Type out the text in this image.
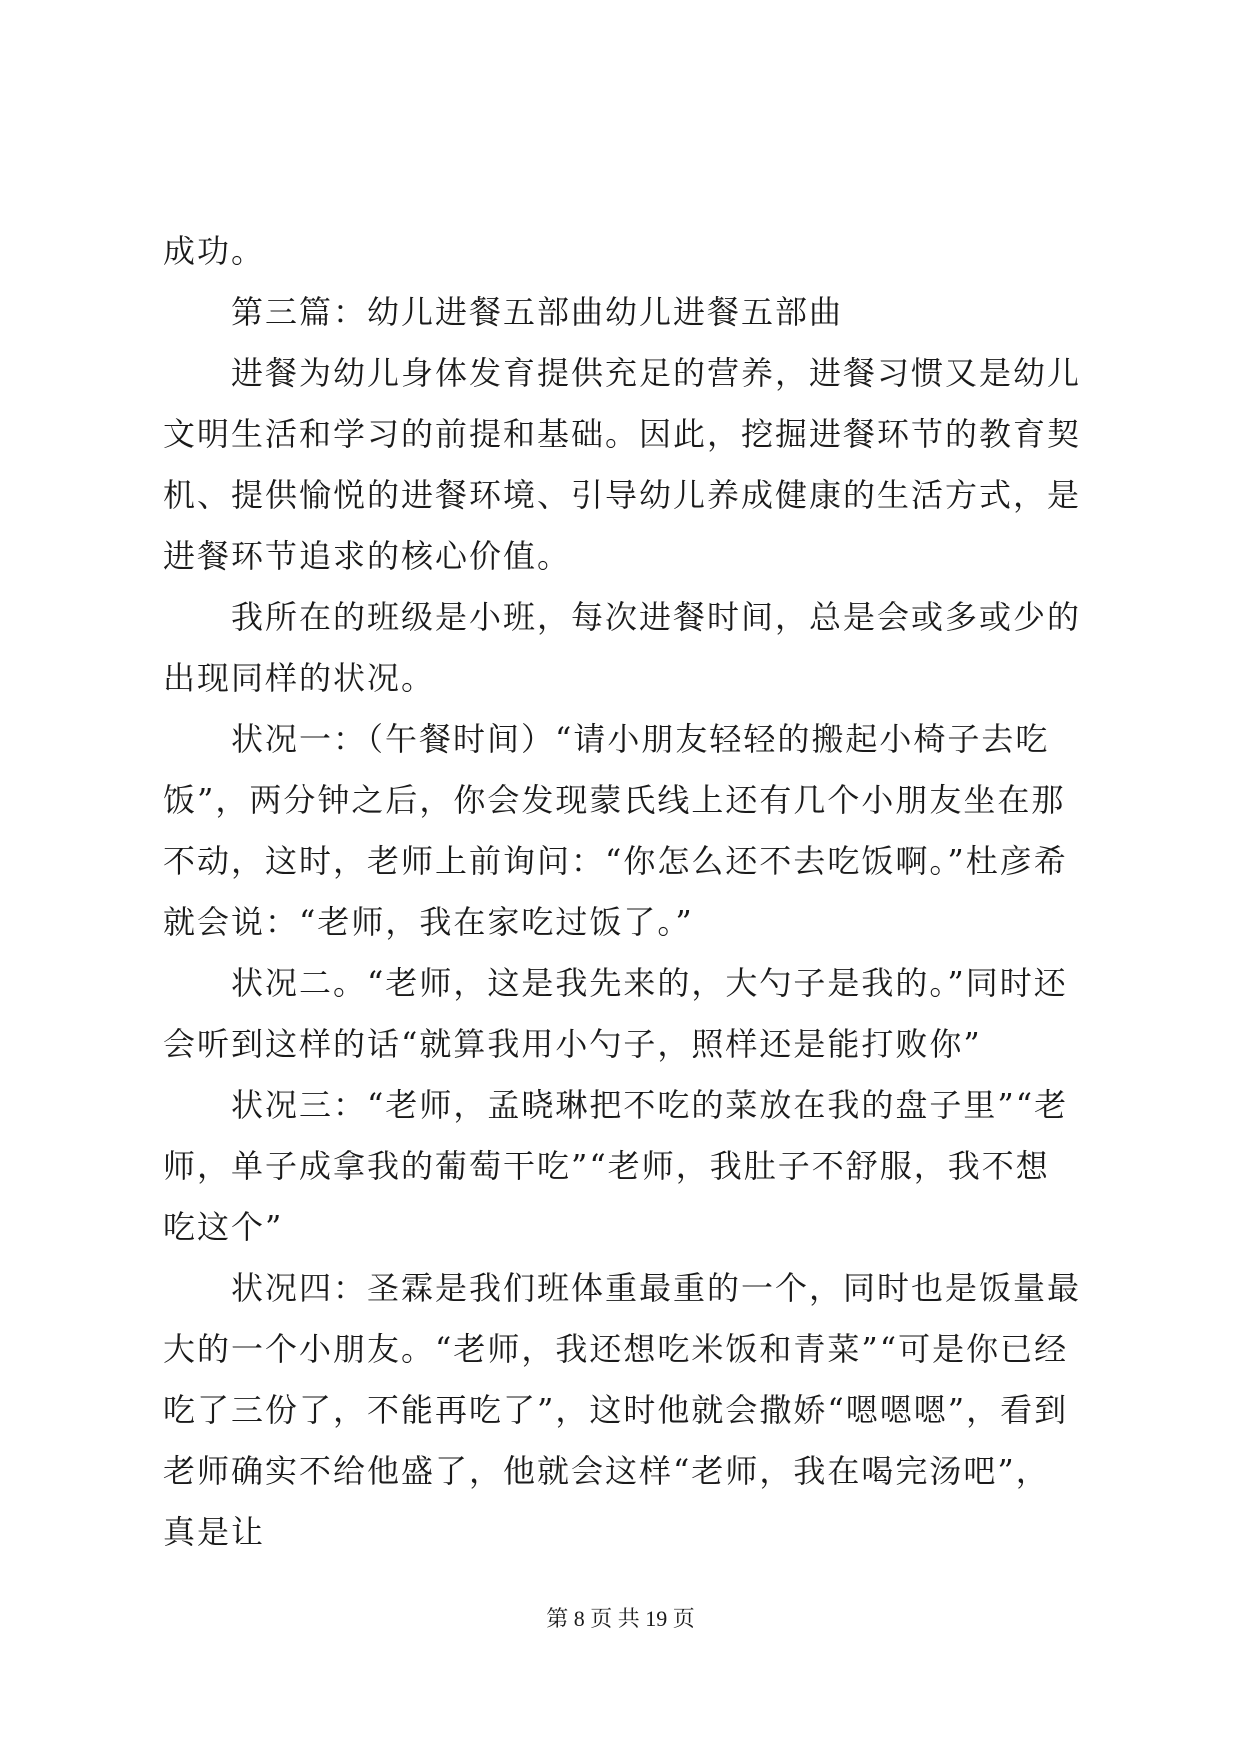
成功。

第三篇：幼儿进餐五部曲幼儿进餐五部曲

进餐为幼儿身体发育提供充足的营养，进餐习惯又是幼儿文明生活和学习的前提和基础。因此，挖掘进餐环节的教育契机、提供愉悦的进餐环境、引导幼儿养成健康的生活方式，是进餐环节追求的核心价值。

我所在的班级是小班，每次进餐时间，总是会或多或少的出现同样的状况。

状况一：（午餐时间）“请小朋友轻轻的搬起小椅子去吃饭”，两分钟之后，你会发现蒙氏线上还有几个小朋友坐在那不动，这时，老师上前询问：“你怎么还不去吃饭啊。”杜彦希就会说：“老师，我在家吃过饭了。”

状况二。“老师，这是我先来的，大勺子是我的。”同时还会听到这样的话“就算我用小勺子，照样还是能打败你”

状况三：“老师，孟晓琳把不吃的菜放在我的盘子里”“老师，单子成拿我的葡萄干吃”“老师，我肚子不舒服，我不想吃这个”

状况四：圣霖是我们班体重最重的一个，同时也是饭量最大的一个小朋友。“老师，我还想吃米饭和青菜”“可是你已经吃了三份了，不能再吃了”，这时他就会撒娇“嗯嗯嗯”，看到老师确实不给他盛了，他就会这样“老师，我在喝完汤吧”，真是让

第 8 页 共 19 页
